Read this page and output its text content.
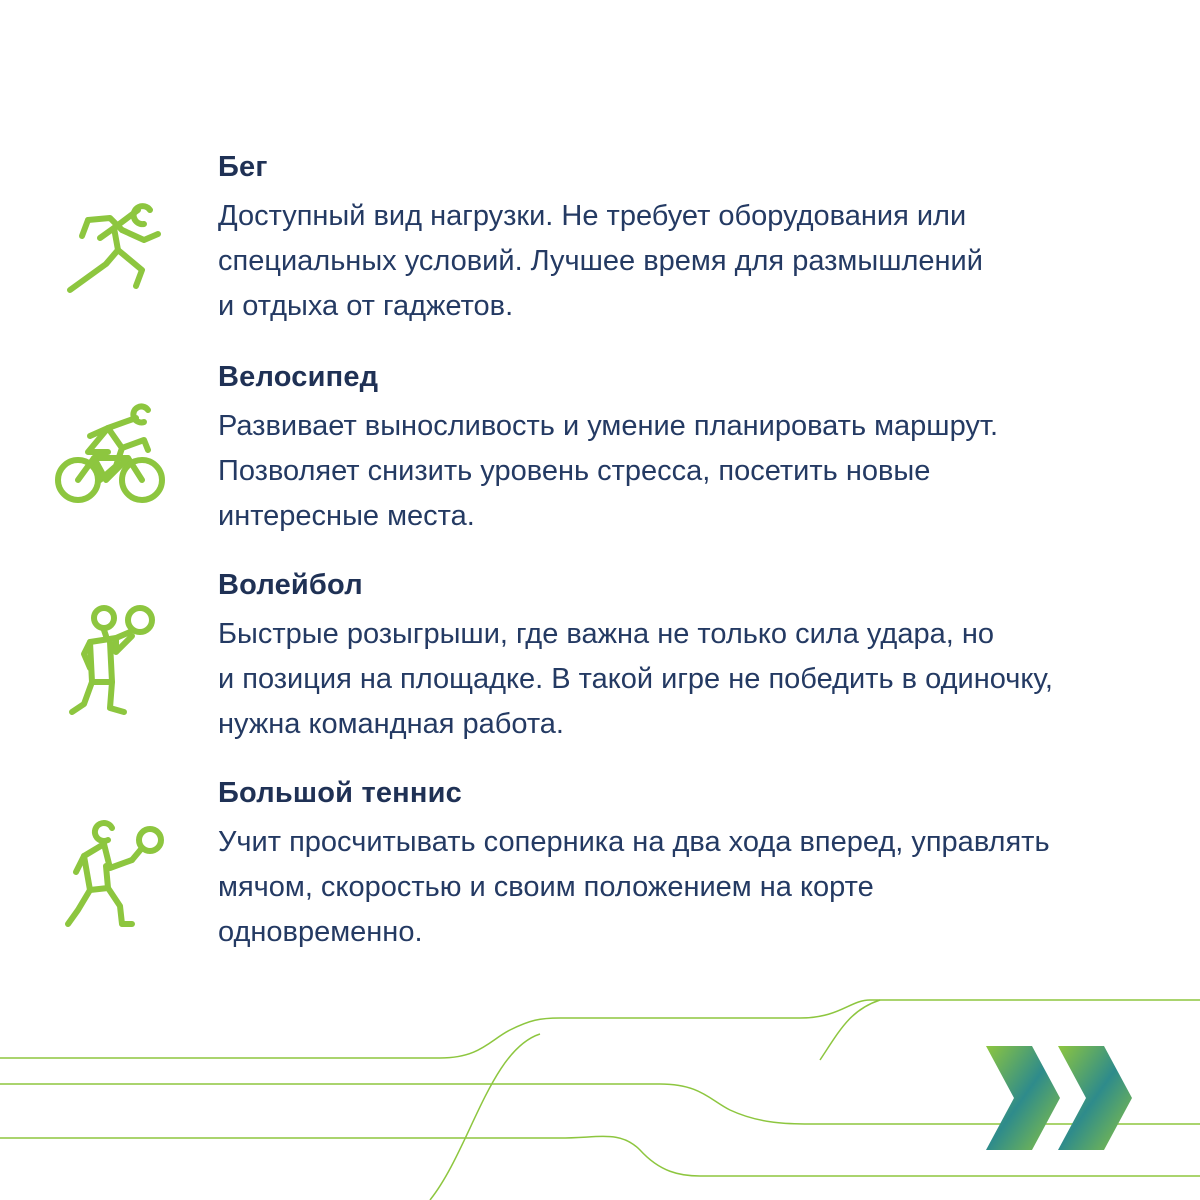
Бег
Доступный вид нагрузки. Не требует оборудования или
специальных условий. Лучшее время для размышлений
и отдыха от гаджетов.
Велосипед
Развивает выносливость и умение планировать маршрут.
Позволяет снизить уровень стресса, посетить новые
интересные места.
Волейбол
Быстрые розыгрыши, где важна не только сила удара, но
и позиция на площадке. В такой игре не победить в одиночку,
нужна командная работа.
Большой теннис
Учит просчитывать соперника на два хода вперед, управлять
мячом, скоростью и своим положением на корте
одновременно.
